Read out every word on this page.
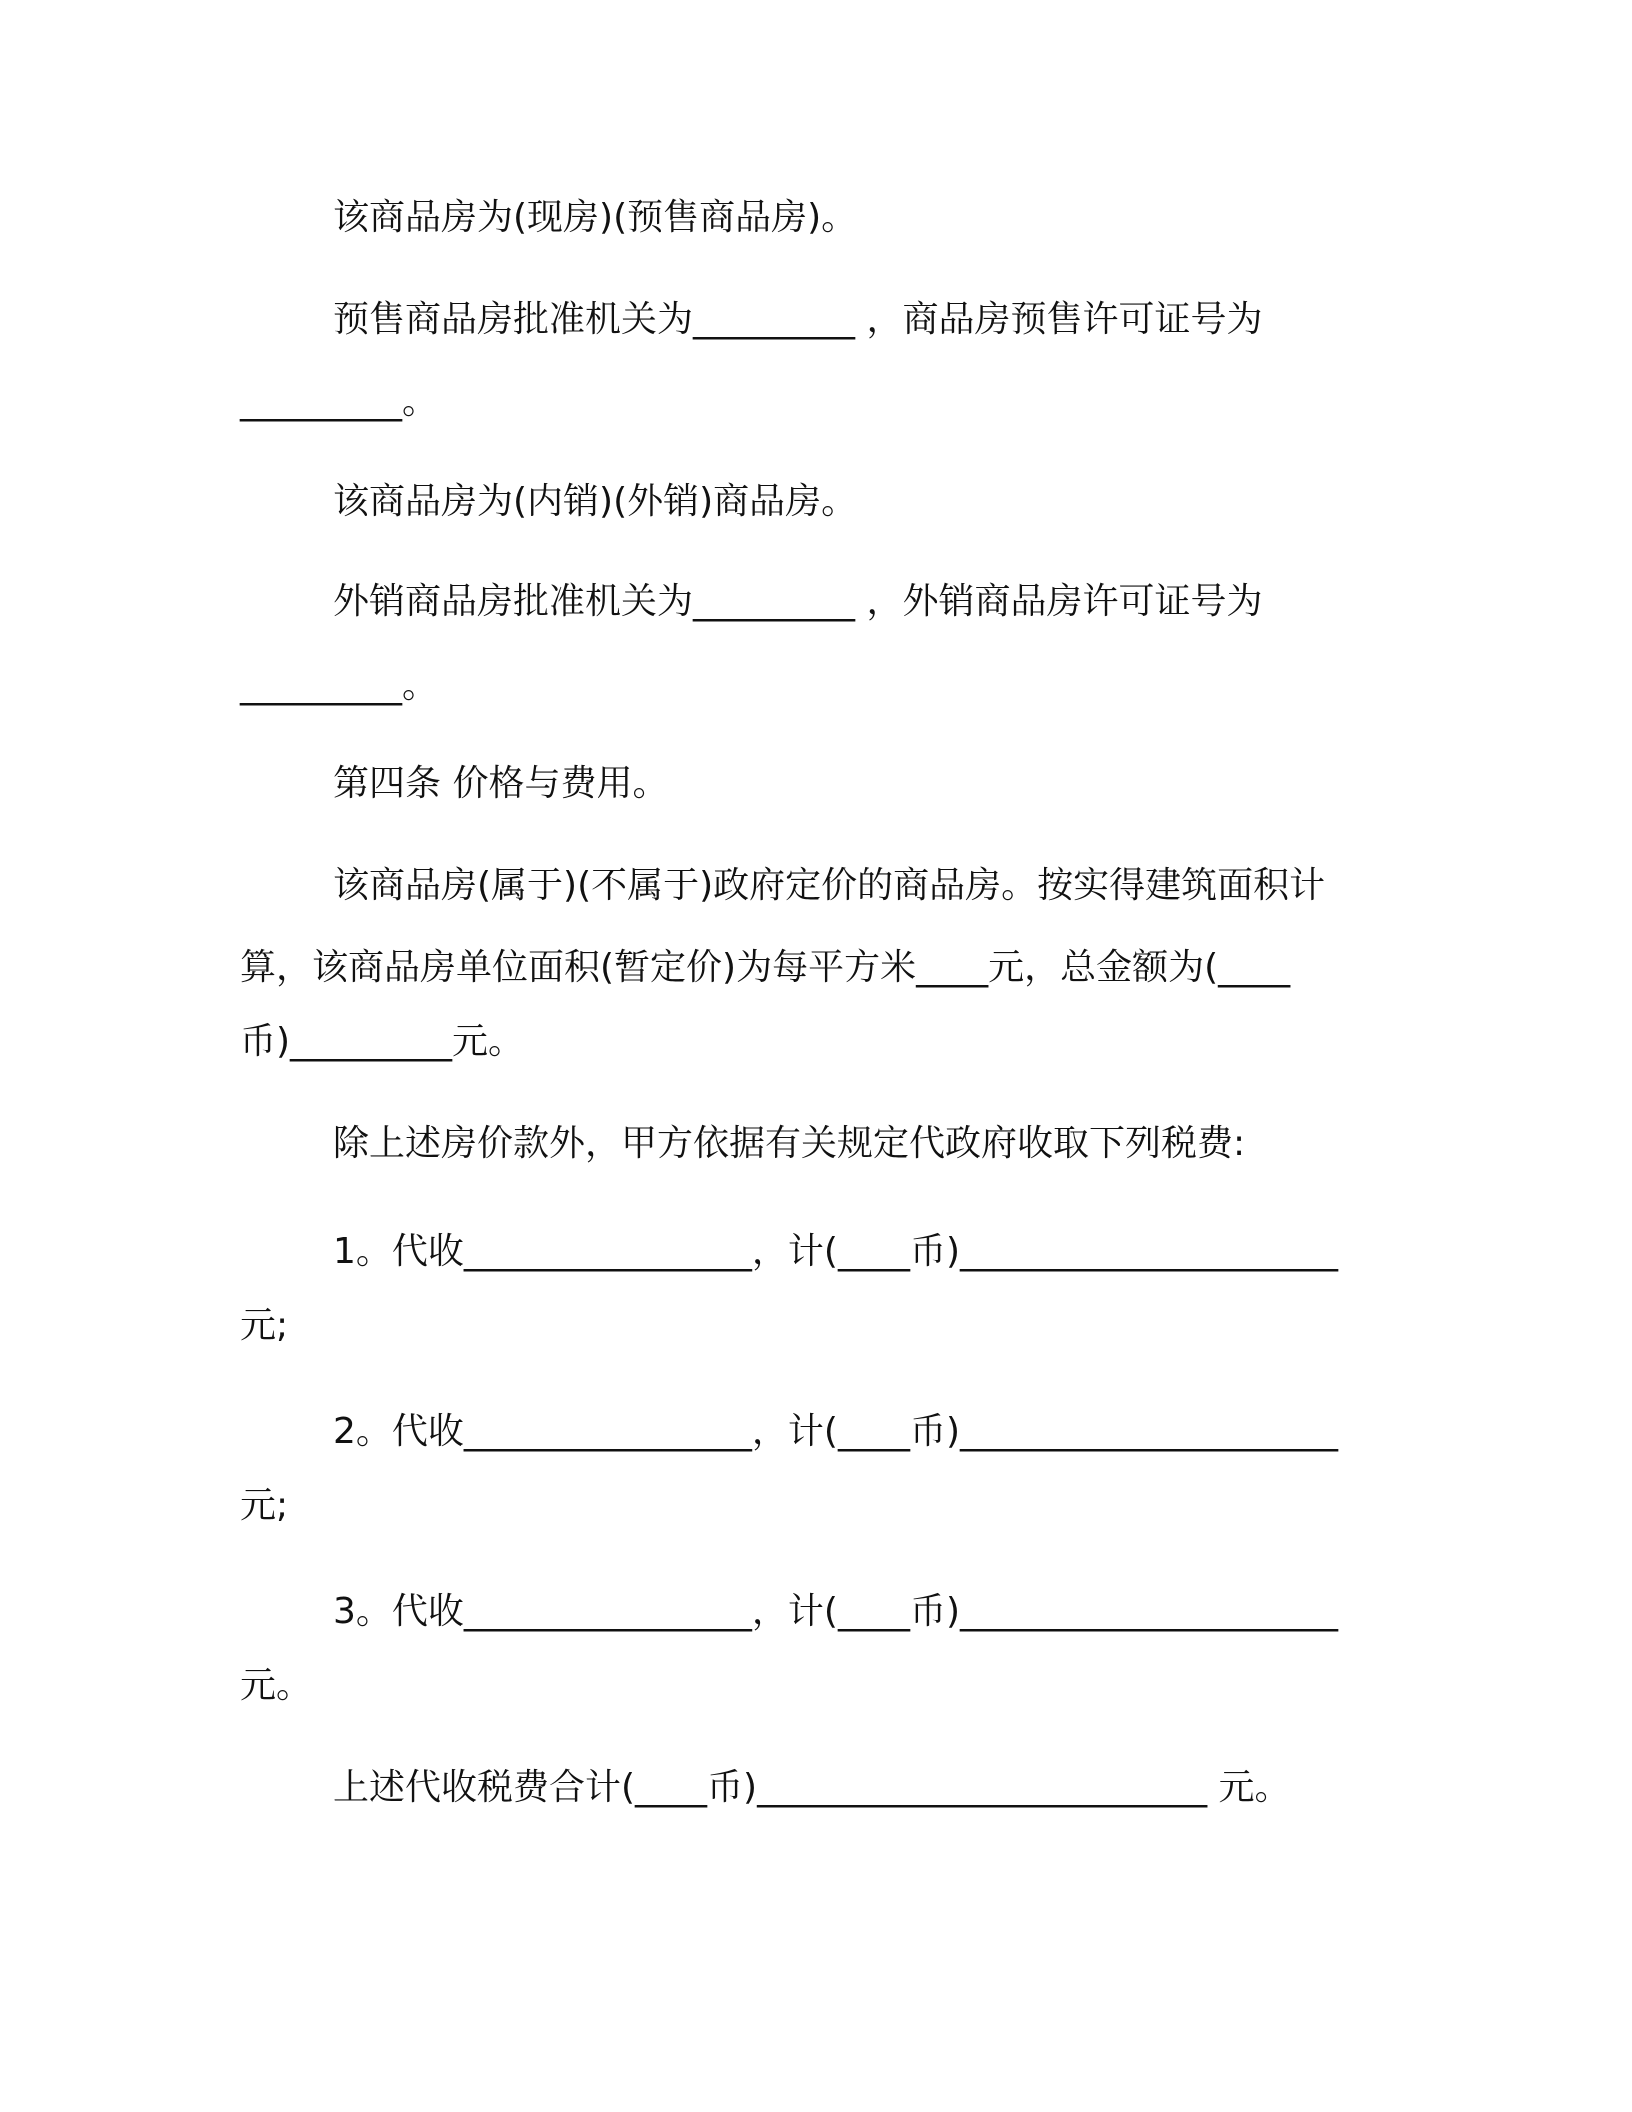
该商品房为(现房)(预售商品房)。

预售商品房批准机关为_________ ，商品房预售许可证号为

_________。

该商品房为(内销)(外销)商品房。

外销商品房批准机关为_________ ，外销商品房许可证号为

_________。

第四条 价格与费用。

该商品房(属于)(不属于)政府定价的商品房。按实得建筑面积计

算，该商品房单位面积(暂定价)为每平方米____元，总金额为(____

币)_________元。

除上述房价款外，甲方依据有关规定代政府收取下列税费:

1。代收________________，计(____币)_____________________

元;

2。代收________________，计(____币)_____________________

元;

3。代收________________，计(____币)_____________________

元。

上述代收税费合计(____币)_________________________ 元。
